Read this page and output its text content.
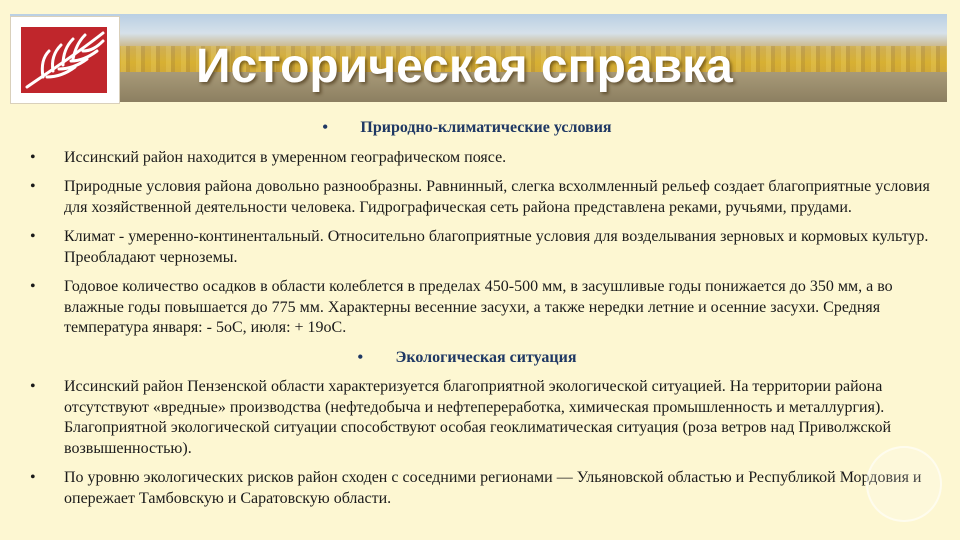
Историческая справка
• Природно-климатические условия
• Иссинский район находится в умеренном географическом поясе.
• Природные условия района довольно разнообразны. Равнинный, слегка всхолмленный рельеф создает благоприятные условия для хозяйственной деятельности человека. Гидрографическая сеть района представлена реками, ручьями, прудами.
• Климат - умеренно-континентальный. Относительно благоприятные условия для возделывания зерновых и кормовых культур. Преобладают черноземы.
• Годовое количество осадков в области колеблется в пределах 450-500 мм, в засушливые годы понижается до 350 мм, а во влажные годы повышается до 775 мм. Характерны весенние засухи, а также нередки летние и осенние засухи. Средняя температура января: - 5оС, июля: + 19оС.
• Экологическая ситуация
• Иссинский район Пензенской области характеризуется благоприятной экологической ситуацией. На территории района отсутствуют «вредные» производства (нефтедобыча и нефтепереработка, химическая промышленность и металлургия). Благоприятной экологической ситуации способствуют особая геоклиматическая ситуация (роза ветров над Приволжской возвышенностью).
• По уровню экологических рисков район сходен с соседними регионами — Ульяновской областью и Республикой Мордовия и опережает Тамбовскую и Саратовскую области.
